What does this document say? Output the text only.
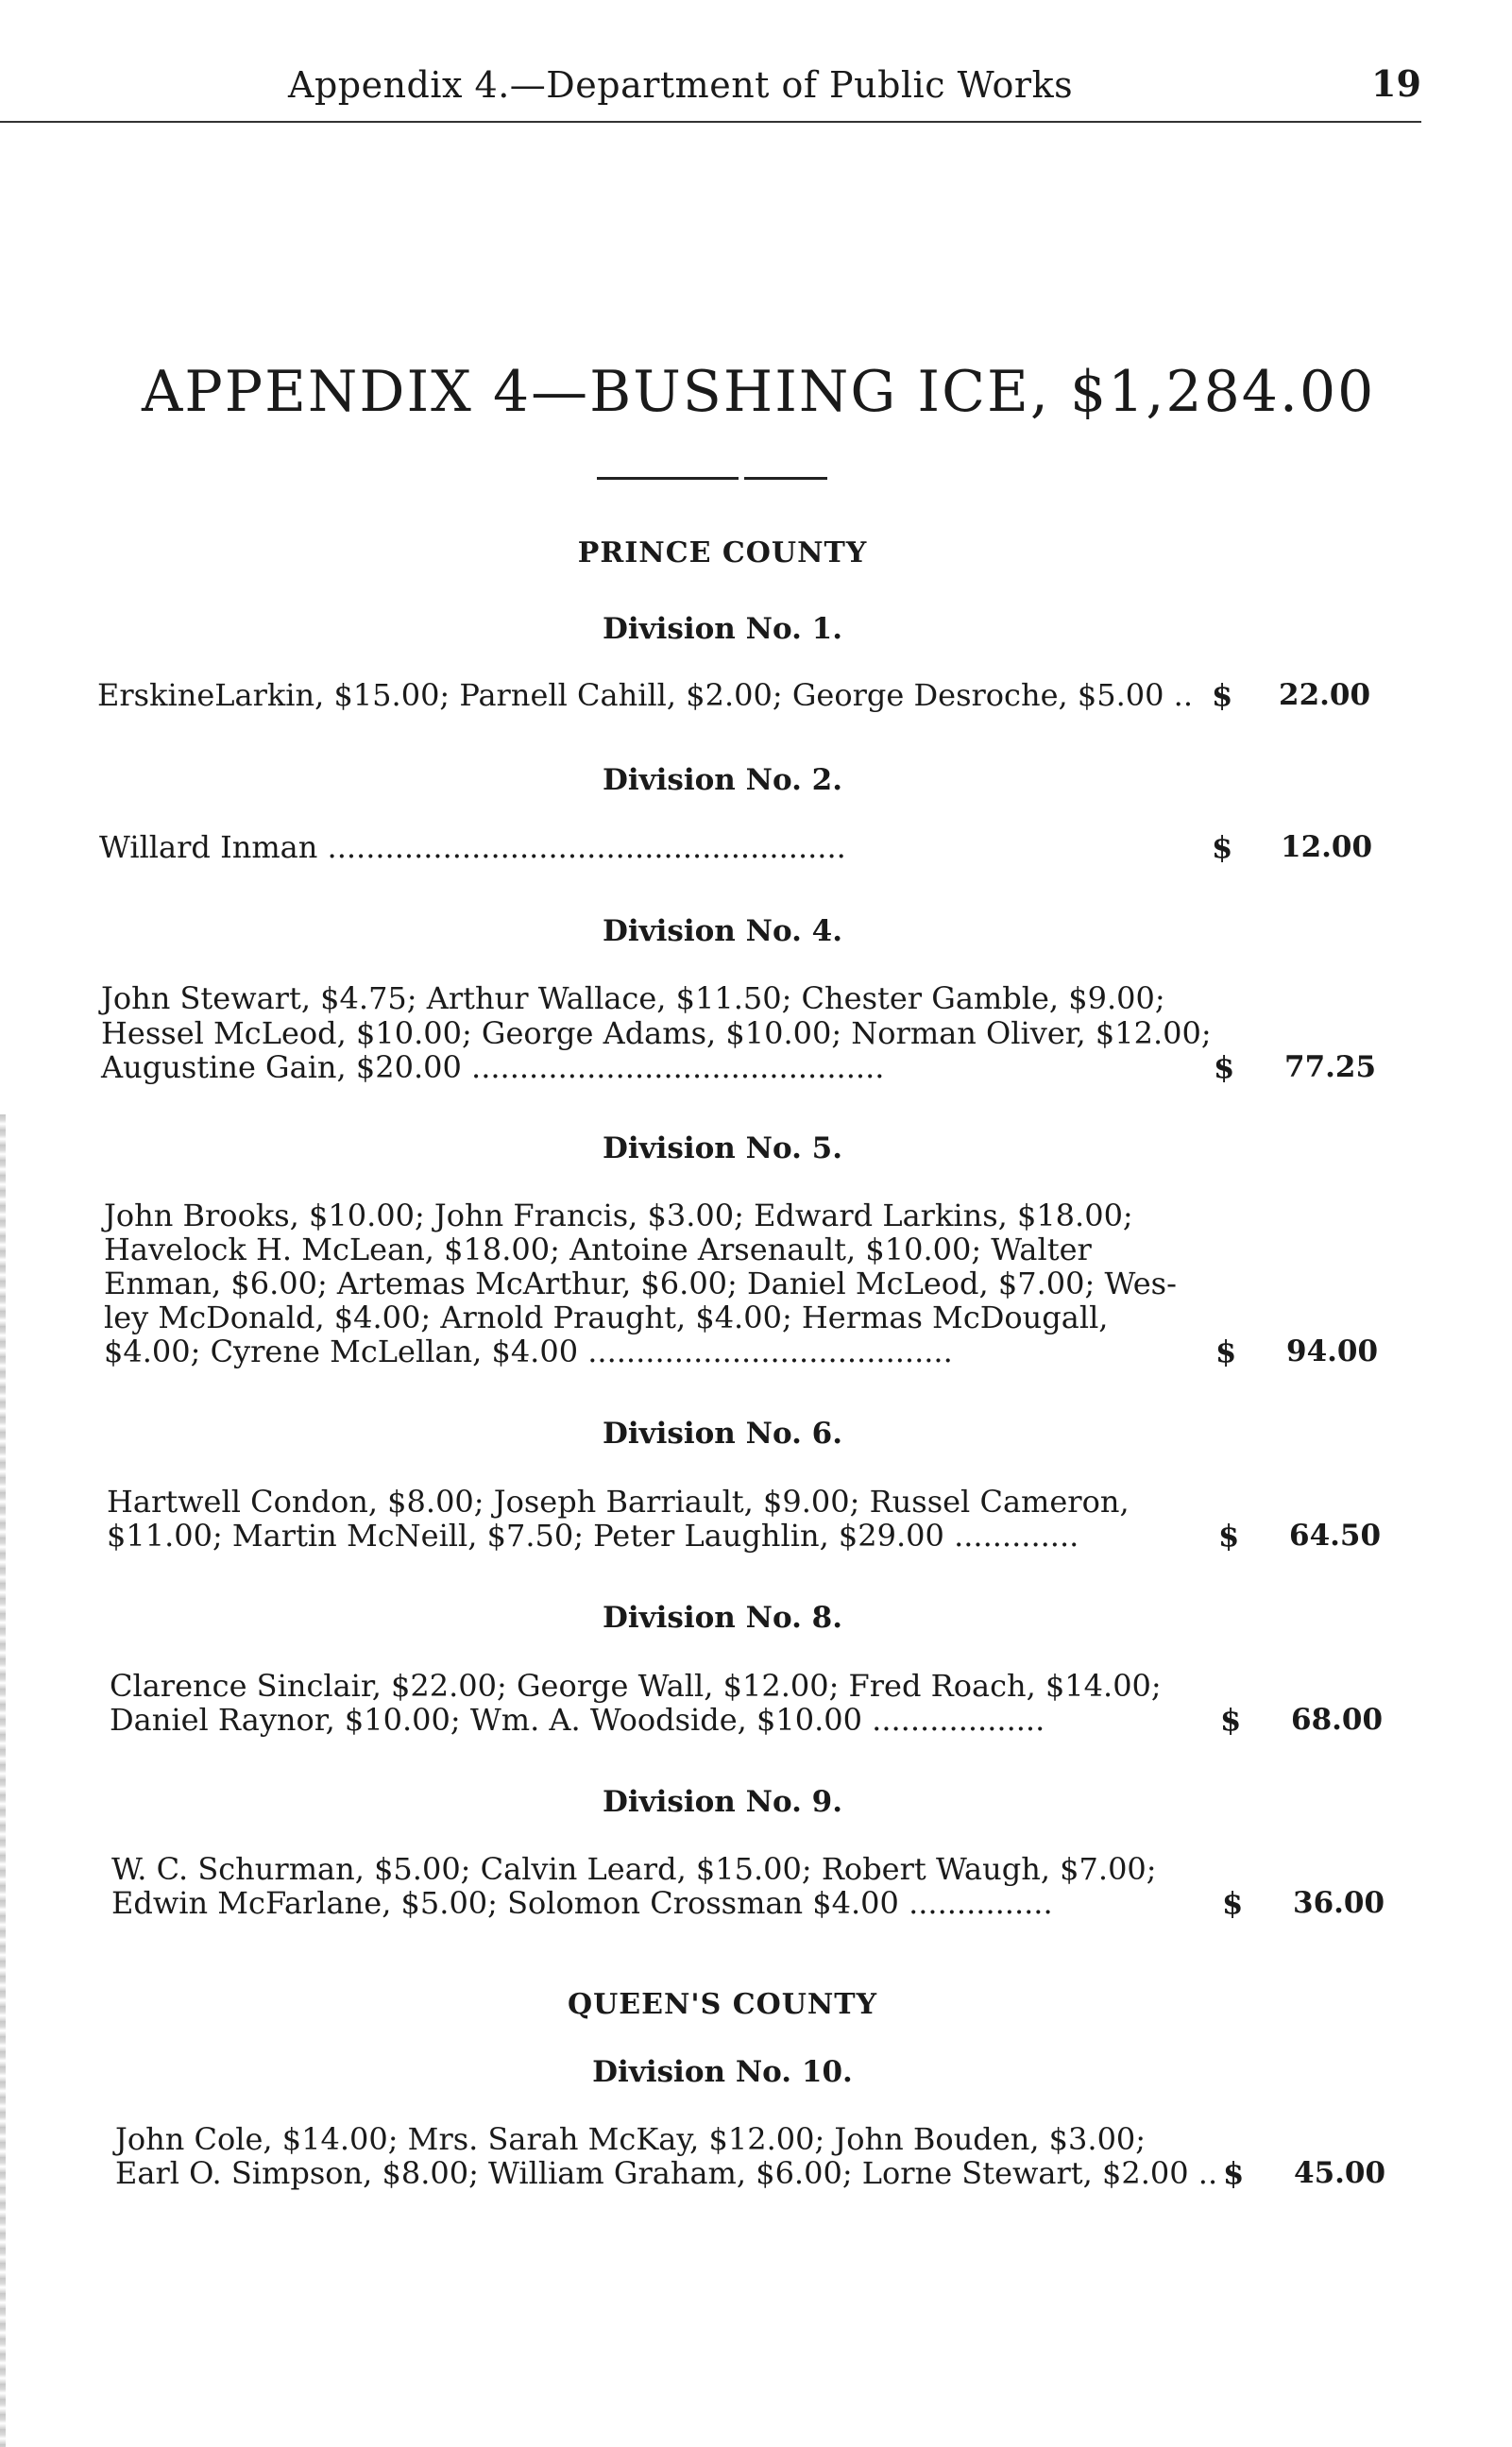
Appendix 4.—Department of Public Works	19
APPENDIX 4—BUSHING ICE, $1,284.00
PRINCE COUNTY
Division No. 1.
ErskineLarkin, $15.00; Parnell Cahill, $2.00; George Desroche, $5.00 .. $ 22.00
Division No. 2.
Willard Inman ......................................................	$ 12.00
Division No. 4.
John Stewart, $4.75; Arthur Wallace, $11.50; Chester Gamble, $9.00;
Hessel McLeod, $10.00; George Adams, $10.00; Norman Oliver, $12.00;
Augustine Gain, $20.00 ...........................................	$ 77.25
Division No. 5.
John Brooks, $10.00; John Francis, $3.00; Edward Larkins, $18.00;
Havelock H. McLean, $18.00; Antoine Arsenault, $10.00; Walter
Enman, $6.00; Artemas McArthur, $6.00; Daniel McLeod, $7.00; Wes-
ley McDonald, $4.00; Arnold Praught, $4.00; Hermas McDougall,
$4.00; Cyrene McLellan, $4.00 ......................................	$ 94.00
Division No. 6.
Hartwell Condon, $8.00; Joseph Barriault, $9.00; Russel Cameron,
$11.00; Martin McNeill, $7.50; Peter Laughlin, $29.00 .............	$ 64.50
Division No. 8.
Clarence Sinclair, $22.00; George Wall, $12.00; Fred Roach, $14.00;
Daniel Raynor, $10.00; Wm. A. Woodside, $10.00 ..................	$ 68.00
Division No. 9.
W. C. Schurman, $5.00; Calvin Leard, $15.00; Robert Waugh, $7.00;
Edwin McFarlane, $5.00; Solomon Crossman $4.00 ...............	$ 36.00
QUEEN'S COUNTY
Division No. 10.
John Cole, $14.00; Mrs. Sarah McKay, $12.00; John Bouden, $3.00;
Earl O. Simpson, $8.00; William Graham, $6.00; Lorne Stewart, $2.00 .. $ 45.00
